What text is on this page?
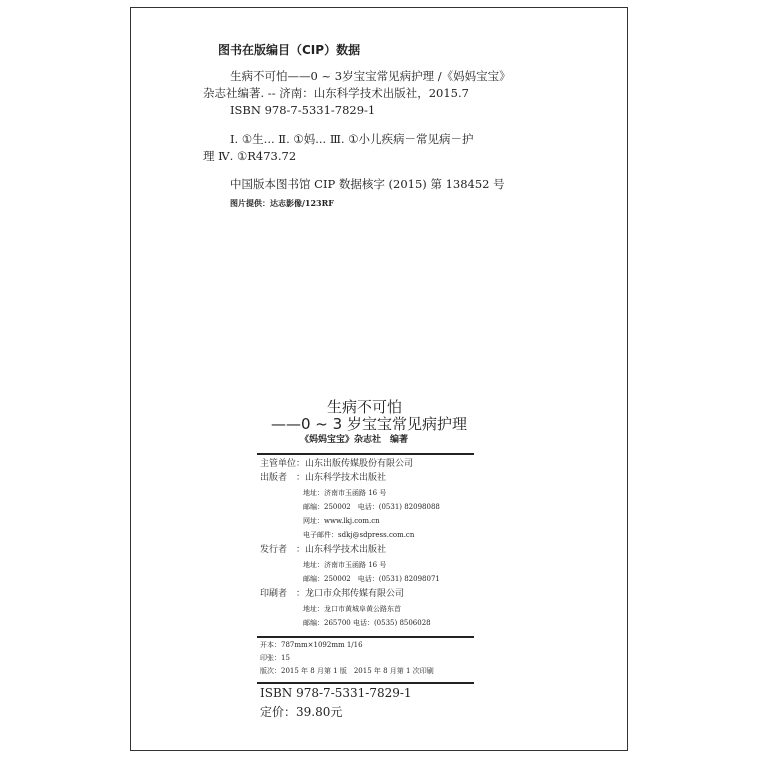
图书在版编目（CIP）数据
生病不可怕——0 ~ 3岁宝宝常见病护理 /《妈妈宝宝》
杂志社编著. -- 济南：山东科学技术出版社，2015.7
ISBN 978-7-5331-7829-1
Ⅰ. ①生... Ⅱ. ①妈... Ⅲ. ①小儿疾病－常见病－护
理 Ⅳ. ①R473.72
中国版本图书馆 CIP 数据核字 (2015) 第 138452 号
图片提供：达志影像/123RF
生病不可怕
——0 ~ 3 岁宝宝常见病护理
《妈妈宝宝》杂志社　编著
主管单位：山东出版传媒股份有限公司
出版者　：山东科学技术出版社
地址：济南市玉函路 16 号
邮编：250002　电话：(0531) 82098088
网址：www.lkj.com.cn
电子邮件：sdkj@sdpress.com.cn
发行者　：山东科学技术出版社
地址：济南市玉函路 16 号
邮编：250002　电话：(0531) 82098071
印刷者　：龙口市众邦传媒有限公司
地址：龙口市黄城阜黄公路东首
邮编：265700 电话：(0535) 8506028
开本：787mm×1092mm 1/16
印张：15
版次：2015 年 8 月第 1 版　2015 年 8 月第 1 次印刷
ISBN 978-7-5331-7829-1
定价：39.80元
